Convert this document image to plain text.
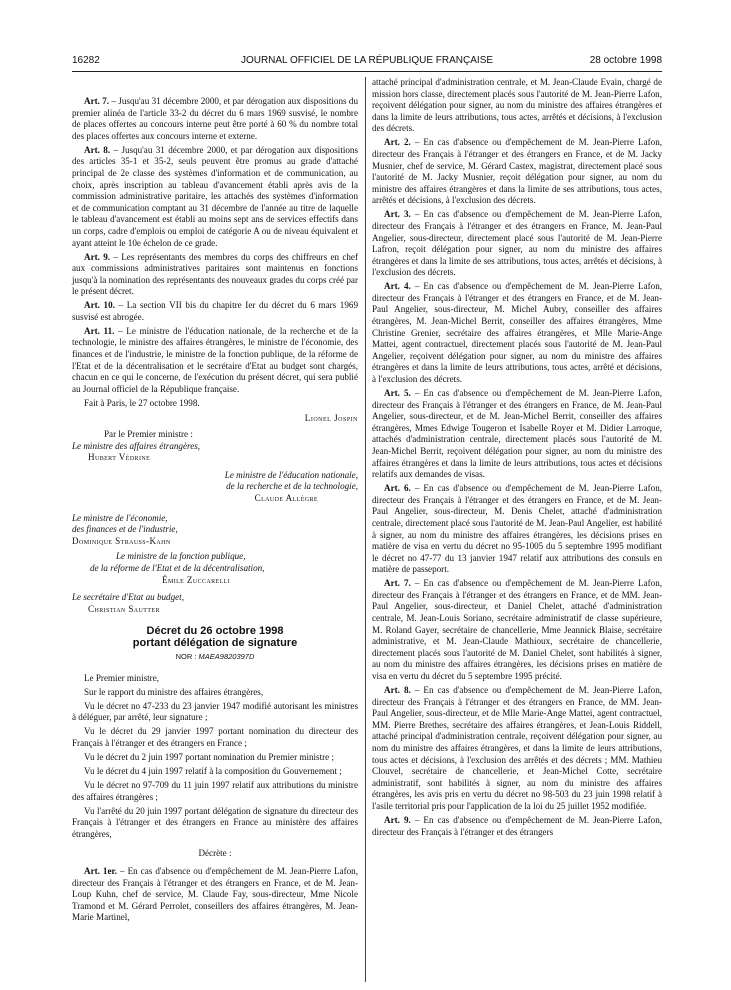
16282	JOURNAL OFFICIEL DE LA RÉPUBLIQUE FRANÇAISE	28 octobre 1998

Art. 7. – Jusqu'au 31 décembre 2000, et par dérogation aux dispositions du premier alinéa de l'article 33-2 du décret du 6 mars 1969 susvisé, le nombre de places offertes au concours interne peut être porté à 60 % du nombre total des places offertes aux concours interne et externe.

Art. 8. – Jusqu'au 31 décembre 2000, et par dérogation aux dispositions des articles 35-1 et 35-2, seuls peuvent être promus au grade d'attaché principal de 2e classe des systèmes d'information et de communication, au choix, après inscription au tableau d'avancement établi après avis de la commission administrative paritaire, les attachés des systèmes d'information et de communication comptant au 31 décembre de l'année au titre de laquelle le tableau d'avancement est établi au moins sept ans de services effectifs dans un corps, cadre d'emplois ou emploi de catégorie A ou de niveau équivalent et ayant atteint le 10e échelon de ce grade.

Art. 9. – Les représentants des membres du corps des chiffreurs en chef aux commissions administratives paritaires sont maintenus en fonctions jusqu'à la nomination des représentants des nouveaux grades du corps créé par le présent décret.

Art. 10. – La section VII bis du chapitre Ier du décret du 6 mars 1969 susvisé est abrogée.

Art. 11. – Le ministre de l'éducation nationale, de la recherche et de la technologie, le ministre des affaires étrangères, le ministre de l'économie, des finances et de l'industrie, le ministre de la fonction publique, de la réforme de l'Etat et de la décentralisation et le secrétaire d'Etat au budget sont chargés, chacun en ce qui le concerne, de l'exécution du présent décret, qui sera publié au Journal officiel de la République française.

Fait à Paris, le 27 octobre 1998.

Lionel Jospin

Par le Premier ministre :

Le ministre des affaires étrangères,

Hubert Védrine

Le ministre de l'éducation nationale,

de la recherche et de la technologie,

Claude Allègre

Le ministre de l'économie,

des finances et de l'industrie,

Dominique Strauss-Kahn

Le ministre de la fonction publique,

de la réforme de l'Etat et de la décentralisation,

Émile Zuccarelli

Le secrétaire d'Etat au budget,

Christian Sautter

Décret du 26 octobre 1998
portant délégation de signature
NOR : MAEA9820397D

Le Premier ministre,

Sur le rapport du ministre des affaires étrangères,

Vu le décret no 47-233 du 23 janvier 1947 modifié autorisant les ministres à déléguer, par arrêté, leur signature ;

Vu le décret du 29 janvier 1997 portant nomination du directeur des Français à l'étranger et des étrangers en France ;

Vu le décret du 2 juin 1997 portant nomination du Premier ministre ;

Vu le décret du 4 juin 1997 relatif à la composition du Gouvernement ;

Vu le décret no 97-709 du 11 juin 1997 relatif aux attributions du ministre des affaires étrangères ;

Vu l'arrêté du 20 juin 1997 portant délégation de signature du directeur des Français à l'étranger et des étrangers en France au ministère des affaires étrangères,

Décrète :

Art. 1er. – En cas d'absence ou d'empêchement de M. Jean-Pierre Lafon, directeur des Français à l'étranger et des étrangers en France, et de M. Jean-Loup Kuhn, chef de service, M. Claude Fay, sous-directeur, Mme Nicole Tramond et M. Gérard Perrolet, conseillers des affaires étrangères, M. Jean-Marie Martinel,

attaché principal d'administration centrale, et M. Jean-Claude Evain, chargé de mission hors classe, directement placés sous l'autorité de M. Jean-Pierre Lafon, reçoivent délégation pour signer, au nom du ministre des affaires étrangères et dans la limite de leurs attributions, tous actes, arrêtés et décisions, à l'exclusion des décrets.

Art. 2. – En cas d'absence ou d'empêchement de M. Jean-Pierre Lafon, directeur des Français à l'étranger et des étrangers en France, et de M. Jacky Musnier, chef de service, M. Gérard Castex, magistrat, directement placé sous l'autorité de M. Jacky Musnier, reçoit délégation pour signer, au nom du ministre des affaires étrangères et dans la limite de ses attributions, tous actes, arrêtés et décisions, à l'exclusion des décrets.

Art. 3. – En cas d'absence ou d'empêchement de M. Jean-Pierre Lafon, directeur des Français à l'étranger et des étrangers en France, M. Jean-Paul Angelier, sous-directeur, directement placé sous l'autorité de M. Jean-Pierre Lafron, reçoit délégation pour signer, au nom du ministre des affaires étrangères et dans la limite de ses attributions, tous actes, arrêtés et décisions, à l'exclusion des décrets.

Art. 4. – En cas d'absence ou d'empêchement de M. Jean-Pierre Lafon, directeur des Français à l'étranger et des étrangers en France, et de M. Jean-Paul Angelier, sous-directeur, M. Michel Aubry, conseiller des affaires étrangères, M. Jean-Michel Berrit, conseiller des affaires étrangères, Mme Christine Grenier, secrétaire des affaires étrangères, et Mlle Marie-Ange Mattei, agent contractuel, directement placés sous l'autorité de M. Jean-Paul Angelier, reçoivent délégation pour signer, au nom du ministre des affaires étrangères et dans la limite de leurs attributions, tous actes, arrêté et décisions, à l'exclusion des décrets.

Art. 5. – En cas d'absence ou d'empêchement de M. Jean-Pierre Lafon, directeur des Français à l'étranger et des étrangers en France, de M. Jean-Paul Angelier, sous-directeur, et de M. Jean-Michel Berrit, conseiller des affaires étrangères, Mmes Edwige Tougeron et Isabelle Royer et M. Didier Larroque, attachés d'administration centrale, directement placés sous l'autorité de M. Jean-Michel Berrit, reçoivent délégation pour signer, au nom du ministre des affaires étrangères et dans la limite de leurs attributions, tous actes et décisions relatifs aux demandes de visas.

Art. 6. – En cas d'absence ou d'empêchement de M. Jean-Pierre Lafon, directeur des Français à l'étranger et des étrangers en France, et de M. Jean-Paul Angelier, sous-directeur, M. Denis Chelet, attaché d'administration centrale, directement placé sous l'autorité de M. Jean-Paul Angelier, est habilité à signer, au nom du ministre des affaires étrangères, les décisions prises en matière de visa en vertu du décret no 95-1005 du 5 septembre 1995 modifiant le décret no 47-77 du 13 janvier 1947 relatif aux attributions des consuls en matière de passeport.

Art. 7. – En cas d'absence ou d'empêchement de M. Jean-Pierre Lafon, directeur des Français à l'étranger et des étrangers en France, et de MM. Jean-Paul Angelier, sous-directeur, et Daniel Chelet, attaché d'administration centrale, M. Jean-Louis Soriano, secrétaire administratif de classe supérieure, M. Roland Gayer, secrétaire de chancellerie, Mme Jeannick Blaise, secrétaire administrative, et M. Jean-Claude Mathioux, secrétaire de chancellerie, directement placés sous l'autorité de M. Daniel Chelet, sont habilités à signer, au nom du ministre des affaires étrangères, les décisions prises en matière de visa en vertu du décret du 5 septembre 1995 précité.

Art. 8. – En cas d'absence ou d'empêchement de M. Jean-Pierre Lafon, directeur des Français à l'étranger et des étrangers en France, de MM. Jean-Paul Angelier, sous-directeur, et de Mlle Marie-Ange Mattei, agent contractuel, MM. Pierre Brethes, secrétaire des affaires étrangères, et Jean-Louis Riddell, attaché principal d'administration centrale, reçoivent délégation pour signer, au nom du ministre des affaires étrangères, et dans la limite de leurs attributions, tous actes et décisions, à l'exclusion des arrêtés et des décrets ; MM. Mathieu Clouvel, secrétaire de chancellerie, et Jean-Michel Cotte, secrétaire administratif, sont habilités à signer, au nom du ministre des affaires étrangères, les avis pris en vertu du décret no 98-503 du 23 juin 1998 relatif à l'asile territorial pris pour l'application de la loi du 25 juillet 1952 modifiée.

Art. 9. – En cas d'absence ou d'empêchement de M. Jean-Pierre Lafon, directeur des Français à l'étranger et des étrangers
